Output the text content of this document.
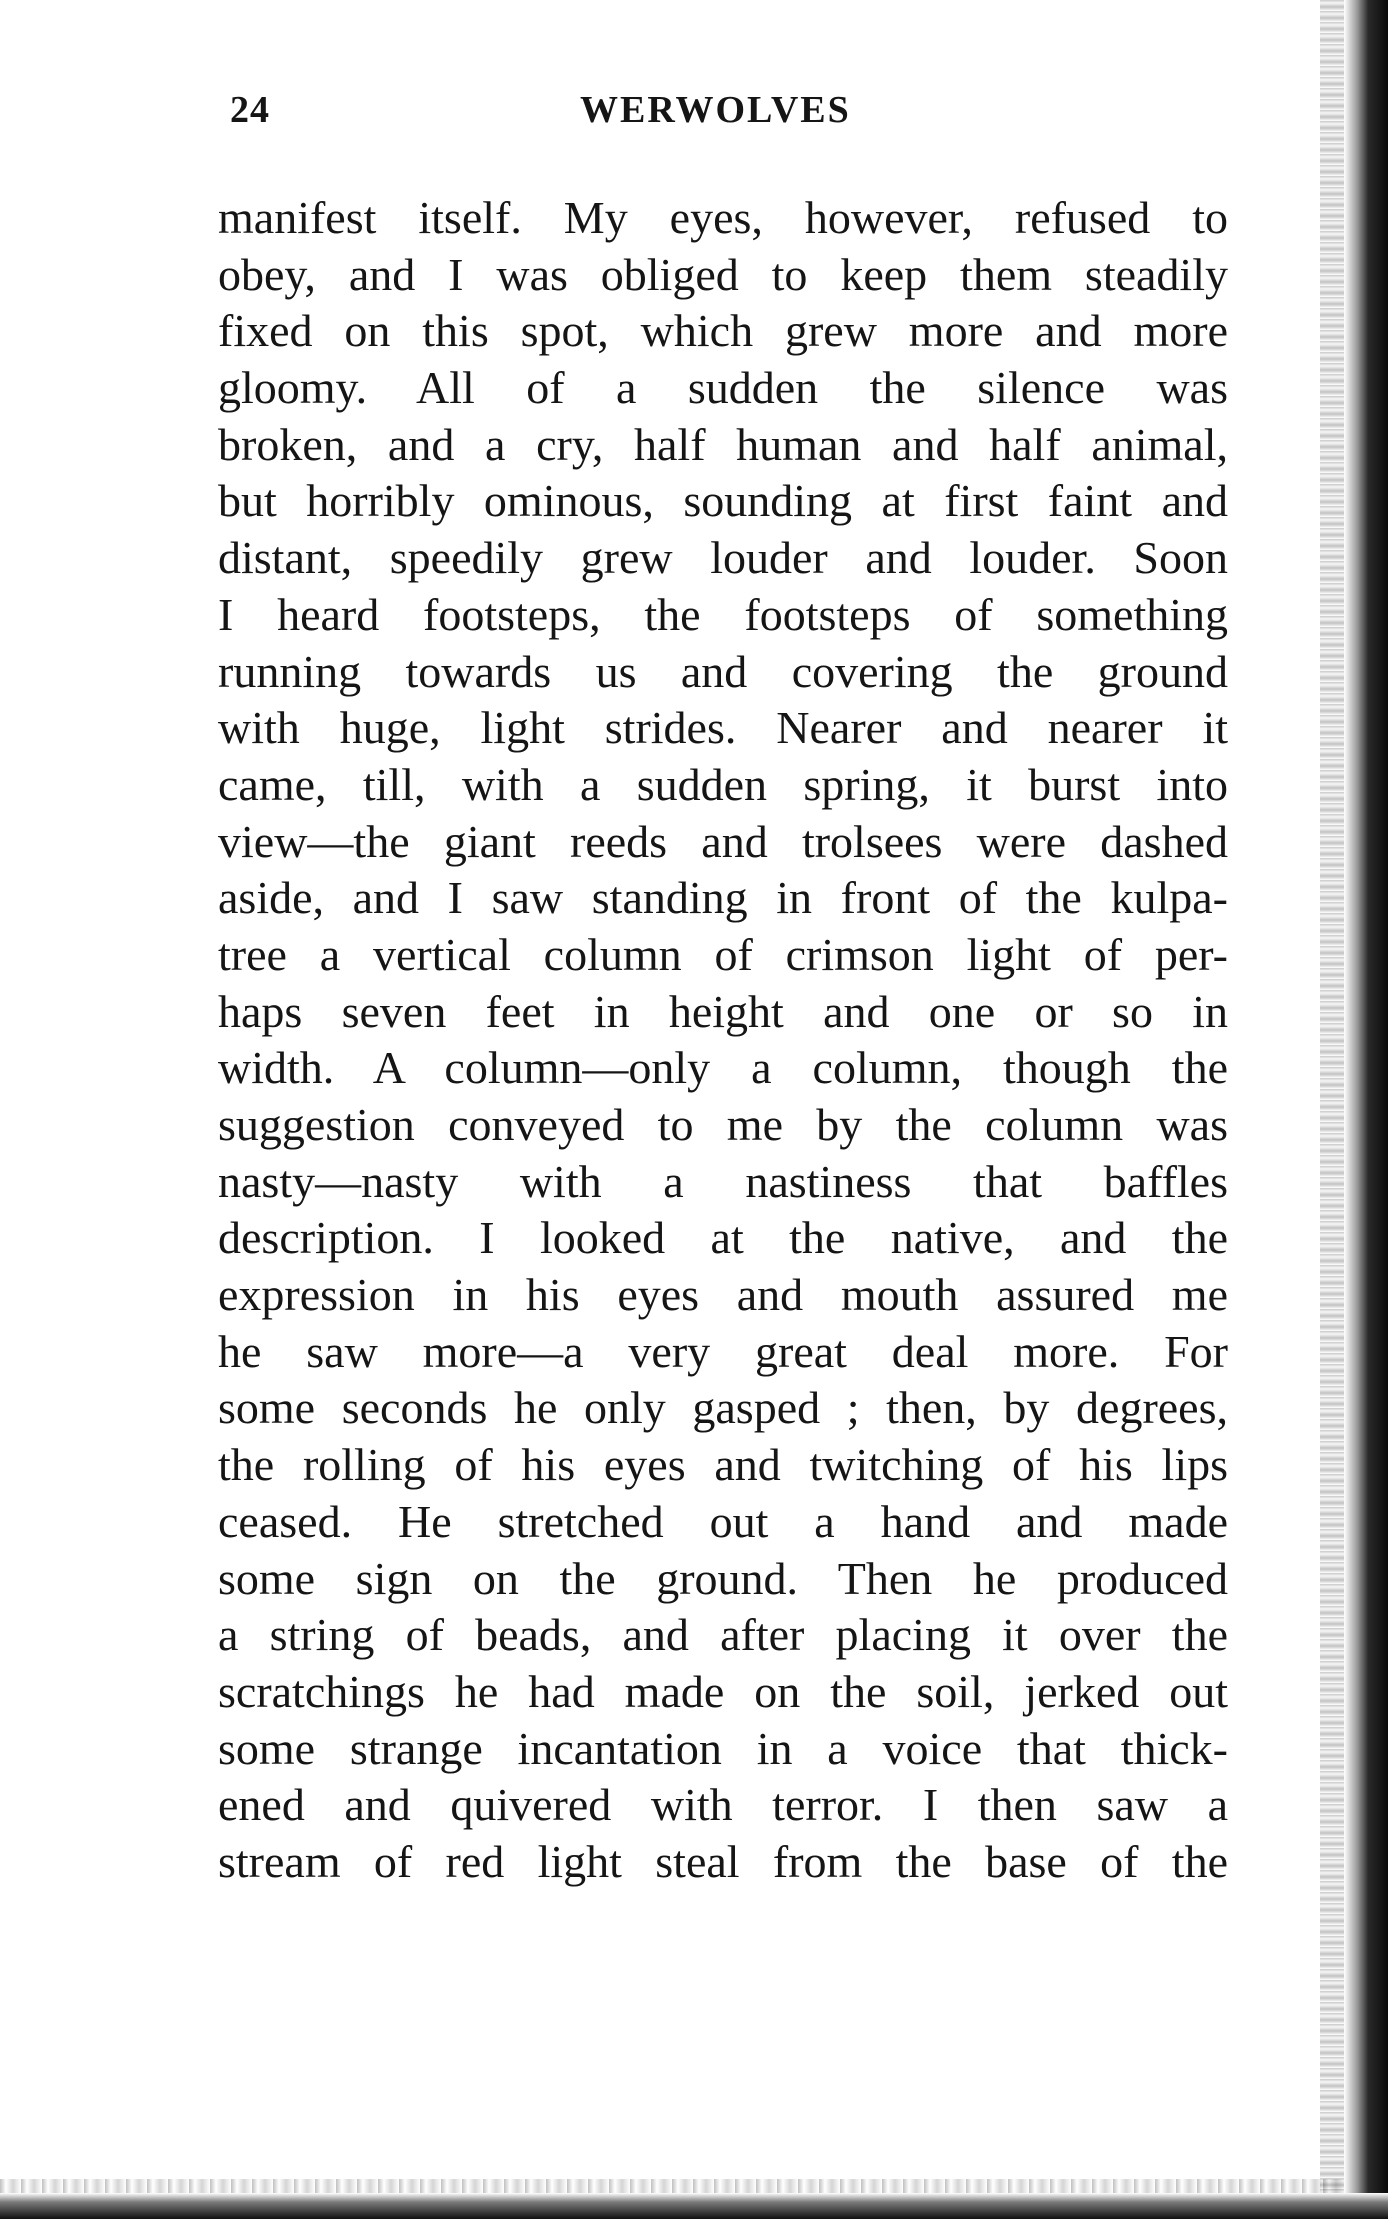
24	WERWOLVES
manifest itself. My eyes, however, refused to
obey, and I was obliged to keep them steadily
fixed on this spot, which grew more and more
gloomy. All of a sudden the silence was
broken, and a cry, half human and half animal,
but horribly ominous, sounding at first faint and
distant, speedily grew louder and louder. Soon
I heard footsteps, the footsteps of something
running towards us and covering the ground
with huge, light strides. Nearer and nearer it
came, till, with a sudden spring, it burst into
view—the giant reeds and trolsees were dashed
aside, and I saw standing in front of the kulpa-
tree a vertical column of crimson light of per-
haps seven feet in height and one or so in
width. A column—only a column, though the
suggestion conveyed to me by the column was
nasty—nasty with a nastiness that baffles
description. I looked at the native, and the
expression in his eyes and mouth assured me
he saw more—a very great deal more. For
some seconds he only gasped ; then, by degrees,
the rolling of his eyes and twitching of his lips
ceased. He stretched out a hand and made
some sign on the ground. Then he produced
a string of beads, and after placing it over the
scratchings he had made on the soil, jerked out
some strange incantation in a voice that thick-
ened and quivered with terror. I then saw a
stream of red light steal from the base of the
